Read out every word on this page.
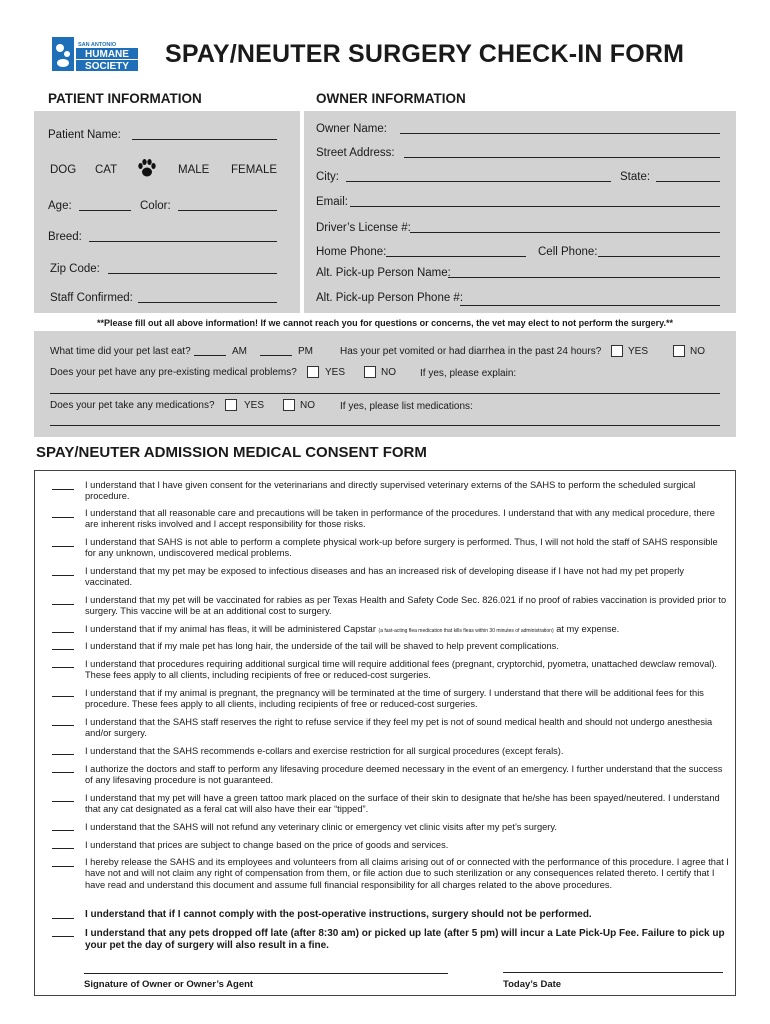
SAN ANTONIO
HUMANE
SOCIETY SPAY/NEUTER SURGERY CHECK-IN FORM
PATIENT INFORMATION	OWNER INFORMATION
Patient Name:
DOG CAT	MALE FEMALE
Age:	Color:
Breed:
Zip Code:
Staff Confirmed:
Owner Name:
Street Address:
City:	State:
Email:
Driver’s License #:
Home Phone:	Cell Phone:
Alt. Pick-up Person Name:
Alt. Pick-up Person Phone #:
**Please fill out all above information! If we cannot reach you for questions or concerns, the vet may elect to not perform the surgery.**
What time did your pet last eat?	AM	PM	Has your pet vomited or had diarrhea in the past 24 hours?	YES	NO
Does your pet have any pre-existing medical problems?	YES	NO If yes, please explain:
Does your pet take any medications?	YES	NO	If yes, please list medications:
SPAY/NEUTER ADMISSION MEDICAL CONSENT FORM
I understand that I have given consent for the veterinarians and directly supervised veterinary externs of the SAHS to perform the scheduled surgical procedure.
I understand that all reasonable care and precautions will be taken in performance of the procedures. I understand that with any medical procedure, there are inherent risks involved and I accept responsibility for those risks.
I understand that SAHS is not able to perform a complete physical work-up before surgery is performed. Thus, I will not hold the staff of SAHS responsible for any unknown, undiscovered medical problems.
I understand that my pet may be exposed to infectious diseases and has an increased risk of developing disease if I have not had my pet properly vaccinated.
I understand that my pet will be vaccinated for rabies as per Texas Health and Safety Code Sec. 826.021 if no proof of rabies vaccination is provided prior to surgery. This vaccine will be at an additional cost to surgery.
I understand that if my animal has fleas, it will be administered Capstar (a fast-acting flea medication that kills fleas within 30 minutes of administration) at my expense.
I understand that if my male pet has long hair, the underside of the tail will be shaved to help prevent complications.
I understand that procedures requiring additional surgical time will require additional fees (pregnant, cryptorchid, pyometra, unattached dewclaw removal). These fees apply to all clients, including recipients of free or reduced-cost surgeries.
I understand that if my animal is pregnant, the pregnancy will be terminated at the time of surgery. I understand that there will be additional fees for this procedure. These fees apply to all clients, including recipients of free or reduced-cost surgeries.
I understand that the SAHS staff reserves the right to refuse service if they feel my pet is not of sound medical health and should not undergo anesthesia and/or surgery.
I understand that the SAHS recommends e-collars and exercise restriction for all surgical procedures (except ferals).
I authorize the doctors and staff to perform any lifesaving procedure deemed necessary in the event of an emergency. I further understand that the success of any lifesaving procedure is not guaranteed.
I understand that my pet will have a green tattoo mark placed on the surface of their skin to designate that he/she has been spayed/neutered. I understand that any cat designated as a feral cat will also have their ear “tipped”.
I understand that the SAHS will not refund any veterinary clinic or emergency vet clinic visits after my pet’s surgery.
I understand that prices are subject to change based on the price of goods and services.
I hereby release the SAHS and its employees and volunteers from all claims arising out of or connected with the performance of this procedure. I agree that I have not and will not claim any right of compensation from them, or file action due to such sterilization or any consequences related thereto. I certify that I have read and understand this document and assume full financial responsibility for all charges related to the above procedures.
I understand that if I cannot comply with the post-operative instructions, surgery should not be performed.
I understand that any pets dropped off late (after 8:30 am) or picked up late (after 5 pm) will incur a Late Pick-Up Fee. Failure to pick up your pet the day of surgery will also result in a fine.
Signature of Owner or Owner’s Agent	Today’s Date
